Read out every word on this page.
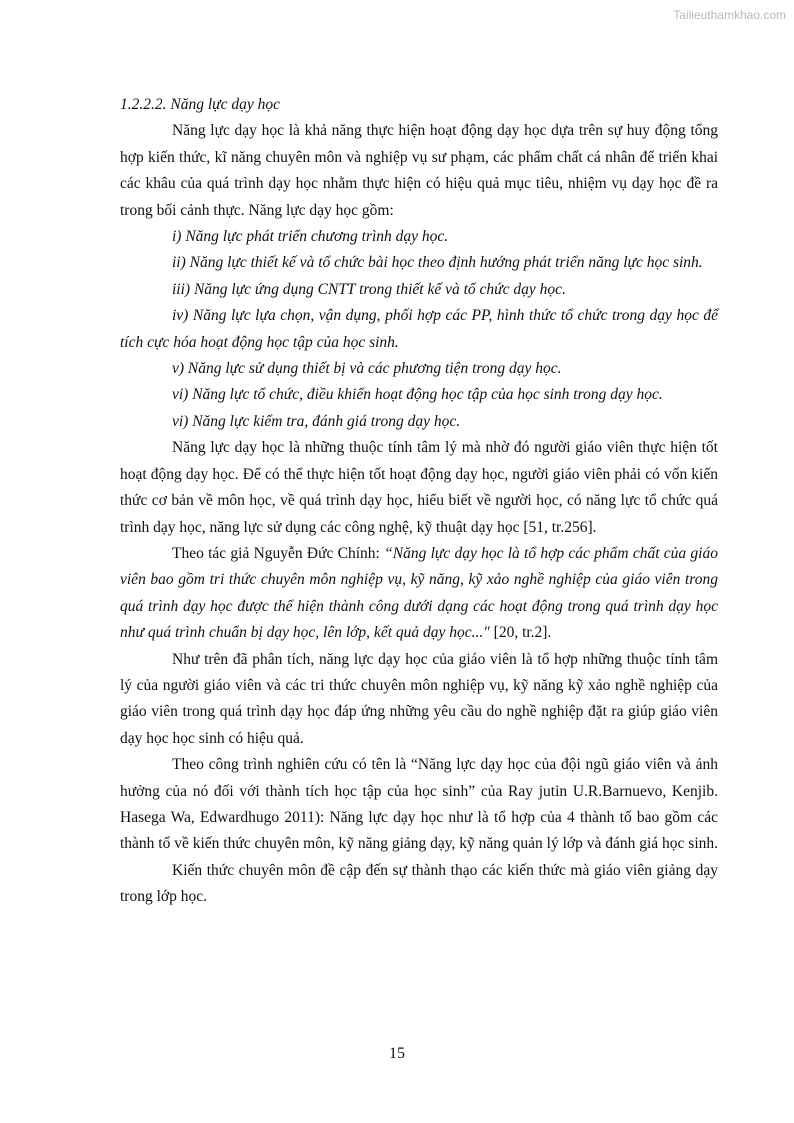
Tailieuthamkhao.com

1.2.2.2. Năng lực dạy học

Năng lực dạy học là khả năng thực hiện hoạt động dạy học dựa trên sự huy động tổng hợp kiến thức, kĩ năng chuyên môn và nghiệp vụ sư phạm, các phẩm chất cá nhân để triển khai các khâu của quá trình dạy học nhằm thực hiện có hiệu quả mục tiêu, nhiệm vụ dạy học đề ra trong bối cảnh thực. Năng lực dạy học gồm:

i) Năng lực phát triển chương trình dạy học.

ii) Năng lực thiết kế và tổ chức bài học theo định hướng phát triển năng lực học sinh.

iii) Năng lực ứng dụng CNTT trong thiết kế và tổ chức dạy học.

iv) Năng lực lựa chọn, vận dụng, phối hợp các PP, hình thức tổ chức trong dạy học để tích cực hóa hoạt động học tập của học sinh.

v) Năng lực sử dụng thiết bị và các phương tiện trong dạy học.

vi) Năng lực tổ chức, điều khiển hoạt động học tập của học sinh trong dạy học.

vi) Năng lực kiểm tra, đánh giá trong dạy học.

Năng lực dạy học là những thuộc tính tâm lý mà nhờ đó người giáo viên thực hiện tốt hoạt động dạy học. Để có thể thực hiện tốt hoạt động dạy học, người giáo viên phải có vốn kiến thức cơ bản về môn học, về quá trình dạy học, hiểu biết về người học, có năng lực tổ chức quá trình dạy học, năng lực sử dụng các công nghệ, kỹ thuật dạy học [51, tr.256].

Theo tác giả Nguyễn Đức Chính: “Năng lực dạy học là tổ hợp các phẩm chất của giáo viên bao gồm tri thức chuyên môn nghiệp vụ, kỹ năng, kỹ xảo nghề nghiệp của giáo viên trong quá trình dạy học được thể hiện thành công dưới dạng các hoạt động trong quá trình dạy học như quá trình chuẩn bị dạy học, lên lớp, kết quả dạy học..." [20, tr.2].

Như trên đã phân tích, năng lực dạy học của giáo viên là tổ hợp những thuộc tính tâm lý của người giáo viên và các tri thức chuyên môn nghiệp vụ, kỹ năng kỹ xảo nghề nghiệp của giáo viên trong quá trình dạy học đáp ứng những yêu cầu do nghề nghiệp đặt ra giúp giáo viên dạy học học sinh có hiệu quả.

Theo công trình nghiên cứu có tên là “Năng lực dạy học của đội ngũ giáo viên và ảnh hưởng của nó đối với thành tích học tập của học sinh” của Ray jutin U.R.Barnuevo, Kenjib. Hasega Wa, Edwardhugo 2011): Năng lực dạy học như là tổ hợp của 4 thành tố bao gồm các thành tố về kiến thức chuyên môn, kỹ năng giảng dạy, kỹ năng quản lý lớp và đánh giá học sinh.

Kiến thức chuyên môn đề cập đến sự thành thạo các kiến thức mà giáo viên giảng dạy trong lớp học.

15
